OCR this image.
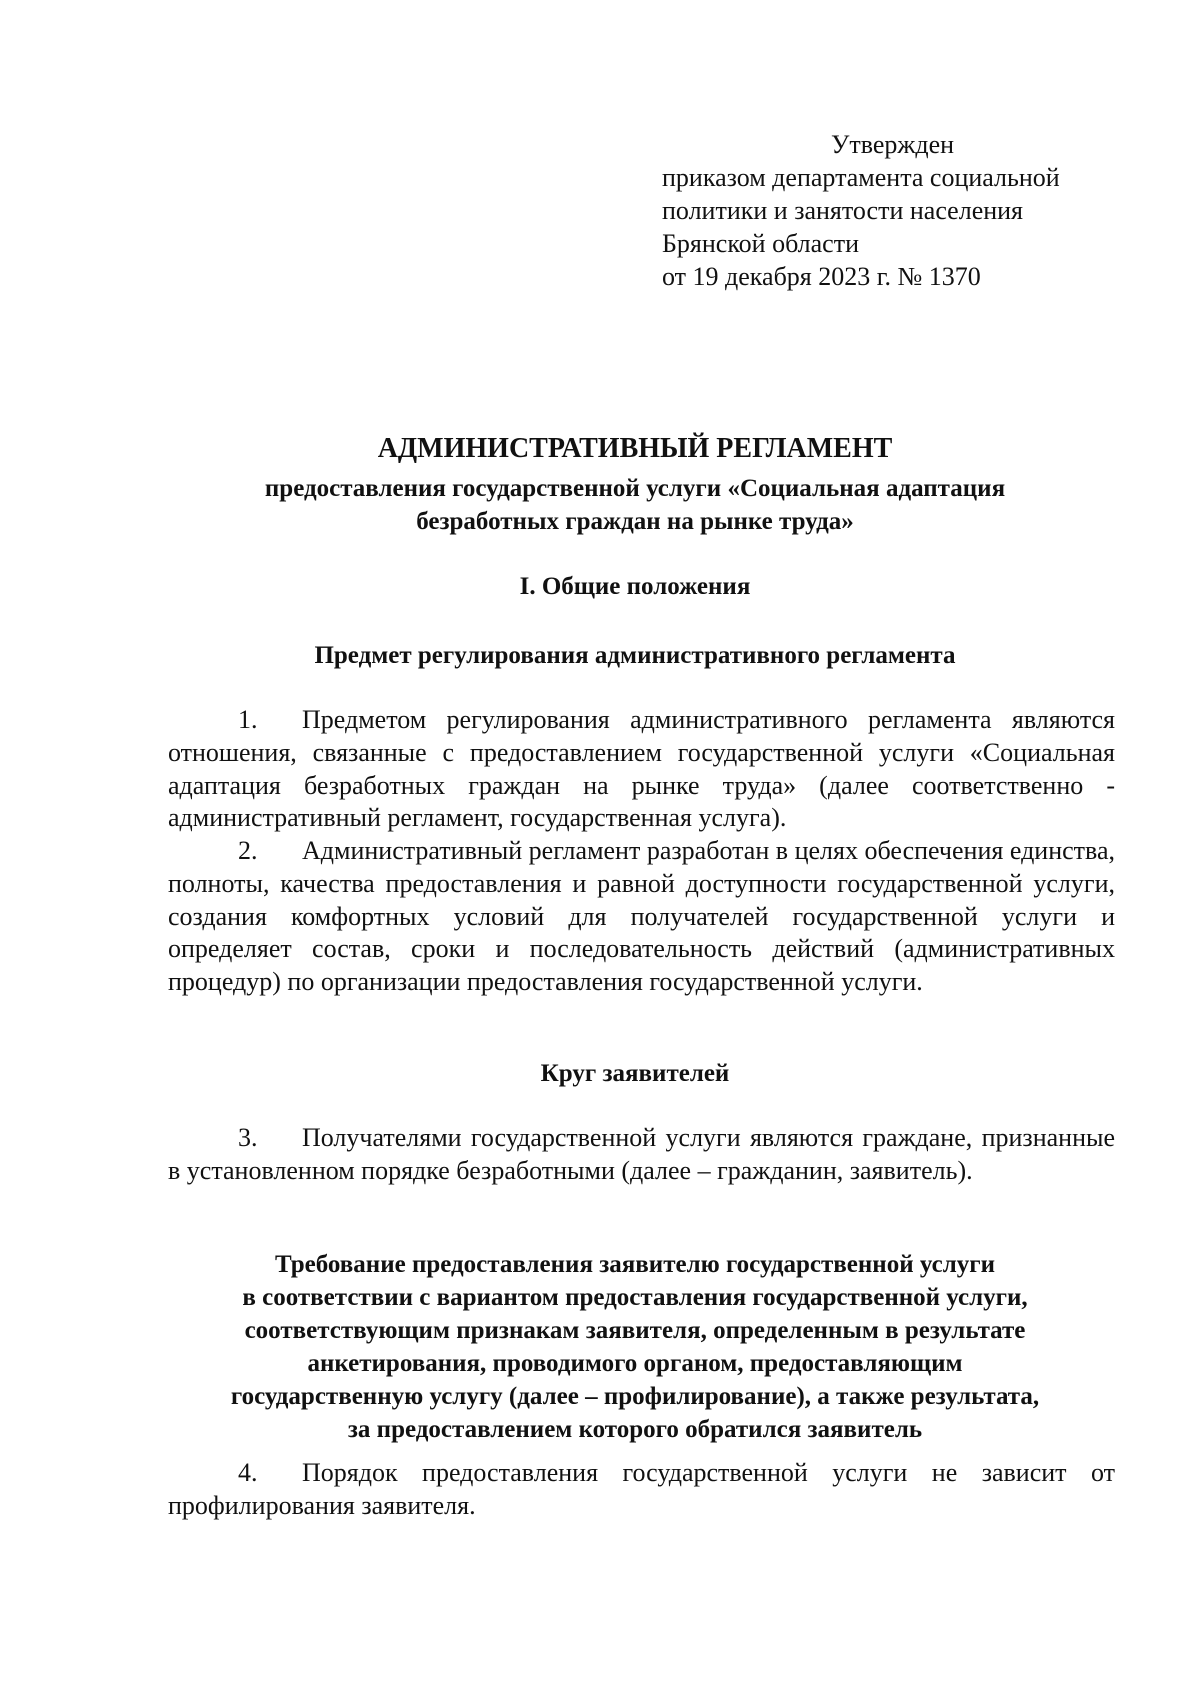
Утвержден
приказом департамента социальной
политики и занятости населения
Брянской области
от 19 декабря 2023 г. № 1370
АДМИНИСТРАТИВНЫЙ РЕГЛАМЕНТ
предоставления государственной услуги «Социальная адаптация
безработных граждан на рынке труда»
I. Общие положения
Предмет регулирования административного регламента
1. Предметом регулирования административного регламента являются отношения, связанные с предоставлением государственной услуги «Социальная адаптация безработных граждан на рынке труда» (далее соответственно - административный регламент, государственная услуга).
2. Административный регламент разработан в целях обеспечения единства, полноты, качества предоставления и равной доступности государственной услуги, создания комфортных условий для получателей государственной услуги и определяет состав, сроки и последовательность действий (административных процедур) по организации предоставления государственной услуги.
Круг заявителей
3. Получателями государственной услуги являются граждане, признанные в установленном порядке безработными (далее – гражданин, заявитель).
Требование предоставления заявителю государственной услуги
в соответствии с вариантом предоставления государственной услуги,
соответствующим признакам заявителя, определенным в результате
анкетирования, проводимого органом, предоставляющим
государственную услугу (далее – профилирование), а также результата,
за предоставлением которого обратился заявитель
4. Порядок предоставления государственной услуги не зависит от профилирования заявителя.
